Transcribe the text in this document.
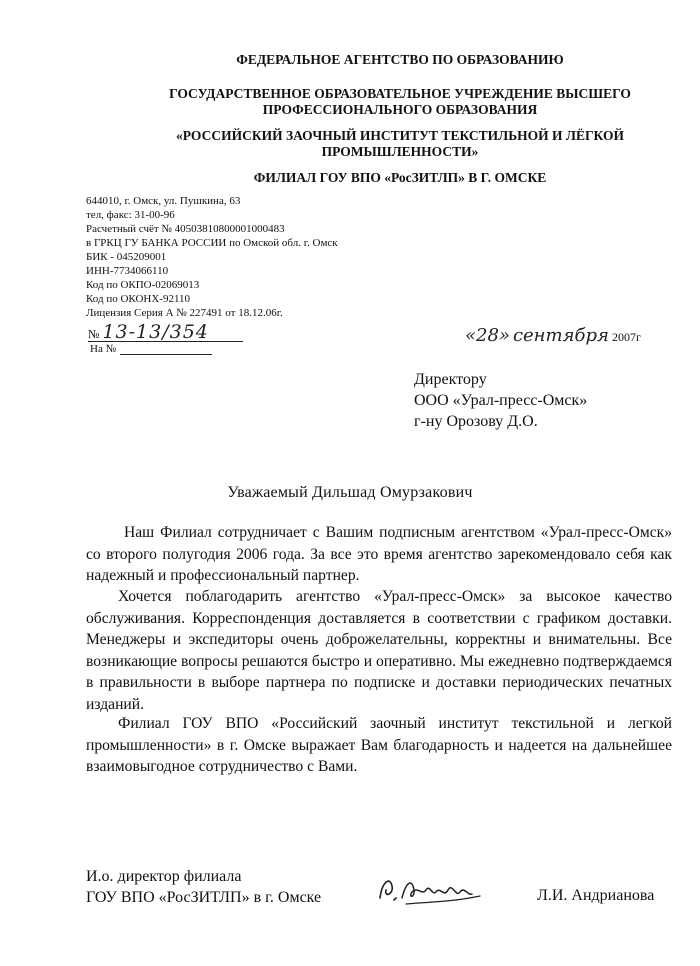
ФЕДЕРАЛЬНОЕ АГЕНТСТВО ПО ОБРАЗОВАНИЮ
ГОСУДАРСТВЕННОЕ ОБРАЗОВАТЕЛЬНОЕ УЧРЕЖДЕНИЕ ВЫСШЕГО
ПРОФЕССИОНАЛЬНОГО ОБРАЗОВАНИЯ
«РОССИЙСКИЙ ЗАОЧНЫЙ ИНСТИТУТ ТЕКСТИЛЬНОЙ И ЛЁГКОЙ
ПРОМЫШЛЕННОСТИ»
ФИЛИАЛ ГОУ ВПО «РосЗИТЛП» В Г. ОМСКЕ
644010, г. Омск, ул. Пушкина, 63
тел, факс: 31-00-96
Расчетный счёт № 40503810800001000483
в ГРКЦ ГУ БАНКА РОССИИ по Омской обл. г. Омск
БИК - 045209001
ИНН-7734066110
Код по ОКПО-02069013
Код по ОКОНХ-92110
Лицензия Серия А № 227491 от 18.12.06г.
№ 13-13/354
На №
«28» сентября 2007г
Директору
ООО «Урал-пресс-Омск»
г-ну Орозову Д.О.
Уважаемый Дильшад Омурзакович
Наш Филиал сотрудничает с Вашим подписным агентством «Урал-пресс-Омск» со второго полугодия 2006 года. За все это время агентство зарекомендовало себя как надежный и профессиональный партнер.
Хочется поблагодарить агентство «Урал-пресс-Омск» за высокое качество обслуживания. Корреспонденция доставляется в соответствии с графиком доставки. Менеджеры и экспедиторы очень доброжелательны, корректны и внимательны. Все возникающие вопросы решаются быстро и оперативно. Мы ежедневно подтверждаемся в правильности в выборе партнера по подписке и доставки периодических печатных изданий.
Филиал ГОУ ВПО «Российский заочный институт текстильной и легкой промышленности» в г. Омске выражает Вам благодарность и надеется на дальнейшее взаимовыгодное сотрудничество с Вами.
И.о. директор филиала
ГОУ ВПО «РосЗИТЛП» в г. Омске	Л.И. Андрианова
